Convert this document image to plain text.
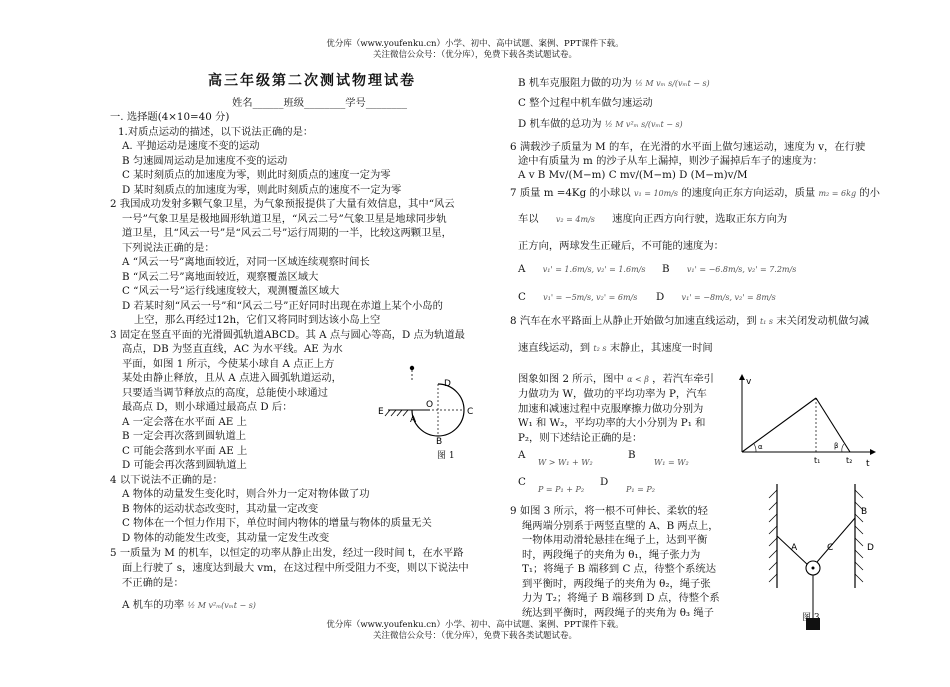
优分库（www.youfenku.cn）小学、初中、高中试题、案例、PPT课件下载。
关注微信公众号：（优分库），免费下载各类试题试卷。
高三年级第二次测试物理试卷
姓名______班级________学号________
一. 选择题(4×10=40 分)
1.对质点运动的描述，以下说法正确的是：
A. 平抛运动是速度不变的运动
B 匀速圆周运动是加速度不变的运动
C 某时刻质点的加速度为零，则此时刻质点的速度一定为零
D 某时刻质点的加速度为零，则此时刻质点的速度不一定为零
2 我国成功发射多颗气象卫星，为气象预报提供了大量有效信息，其中“风云
一号”气象卫星是极地圆形轨道卫星，“风云二号”气象卫星是地球同步轨
道卫星，且“风云一号”是“风云二号”运行周期的一半，比较这两颗卫星，
下列说法正确的是：
A “风云一号”离地面较近，对同一区域连续观察时间长
B “风云二号”离地面较近，观察覆盖区域大
C “风云一号”运行线速度较大，观测覆盖区域大
D 若某时刻“风云一号”和“风云二号”正好同时出现在赤道上某个小岛的
上空，那么再经过12h，它们又将同时到达该小岛上空
3 固定在竖直平面的光滑圆弧轨道ABCD。其 A 点与圆心等高，D 点为轨道最
高点，DB 为竖直直线，AC 为水平线。AE 为水
平面，如图 1 所示，今使某小球自 A 点正上方
某处由静止释放，且从 A 点进入圆弧轨道运动，
只要适当调节释放点的高度，总能使小球通过
最高点 D，则小球通过最高点 D 后：
A 一定会落在水平面 AE 上
B 一定会再次落到圆轨道上
C 可能会落到水平面 AE 上
D 可能会再次落到圆轨道上
4 以下说法不正确的是：
A 物体的动量发生变化时，则合外力一定对物体做了功
B 物体的运动状态改变时，其动量一定改变
C 物体在一个恒力作用下，单位时间内物体的增量与物体的质量无关
D 物体的动能发生改变，其动量一定发生改变
5 一质量为 M 的机车，以恒定的功率从静止出发，经过一段时间 t，在水平路
面上行驶了 s，速度达到最大 vm，在这过程中所受阻力不变，则以下说法中
不正确的是：
A 机车的功率 ½ M v²ₘ(vₘt − s)
D
E
O
A
C
B
图 1
B 机车克服阻力做的功为 ½ M vₘ s/(vₘt − s)
C 整个过程中机车做匀速运动
D 机车做的总功为 ½ M v²ₘ s/(vₘt − s)
6 满载沙子质量为 M 的车，在光滑的水平面上做匀速运动，速度为 v，在行驶
途中有质量为 m 的沙子从车上漏掉，则沙子漏掉后车子的速度为：
A v B Mv/(M−m) C mv/(M−m) D (M−m)v/M
7 质量 m =4Kg 的小球以 v₁ = 10m/s 的速度向正东方向运动，质量 m₂ = 6kg 的小
车以 v₂ = 4m/s 速度向正西方向行驶，选取正东方向为
正方向，两球发生正碰后，不可能的速度为：
A v₁' = 1.6m/s, v₂' = 1.6m/s B v₁' = −6.8m/s, v₂' = 7.2m/s
C v₁' = −5m/s, v₂' = 6m/s D v₁' = −8m/s, v₂' = 8m/s
8 汽车在水平路面上从静止开始做匀加速直线运动，到 t₁ s 末关闭发动机做匀减
速直线运动，到 t₂ s 末静止，其速度一时间
图象如图 2 所示，图中 α < β ，若汽车牵引
力做功为 W，做功的平均功率为 P，汽车
加速和减速过程中克服摩擦力做功分别为
W₁ 和 W₂，平均功率的大小分别为 P₁ 和
P₂，则下述结论正确的是：
A
W > W₁ + W₂
B
W₁ = W₂
C
P = P₁ + P₂
D
P₁ = P₂
9 如图 3 所示，将一根不可伸长、柔软的轻
绳两端分别系于两竖直壁的 A、B 两点上，
一物体用动滑轮悬挂在绳子上，达到平衡
时，两段绳子的夹角为 θ₁，绳子张力为
T₁；将绳子 B 端移到 C 点，待整个系统达
到平衡时，两段绳子的夹角为 θ₂，绳子张
力为 T₂；将绳子 B 端移到 D 点，待整个系
统达到平衡时，两段绳子的夹角为 θ₃ 绳子
v
t
α	β
t₁	t₂
A
B
C	D
图 3
优分库（www.youfenku.cn）小学、初中、高中试题、案例、PPT课件下载。
关注微信公众号：（优分库），免费下载各类试题试卷。
